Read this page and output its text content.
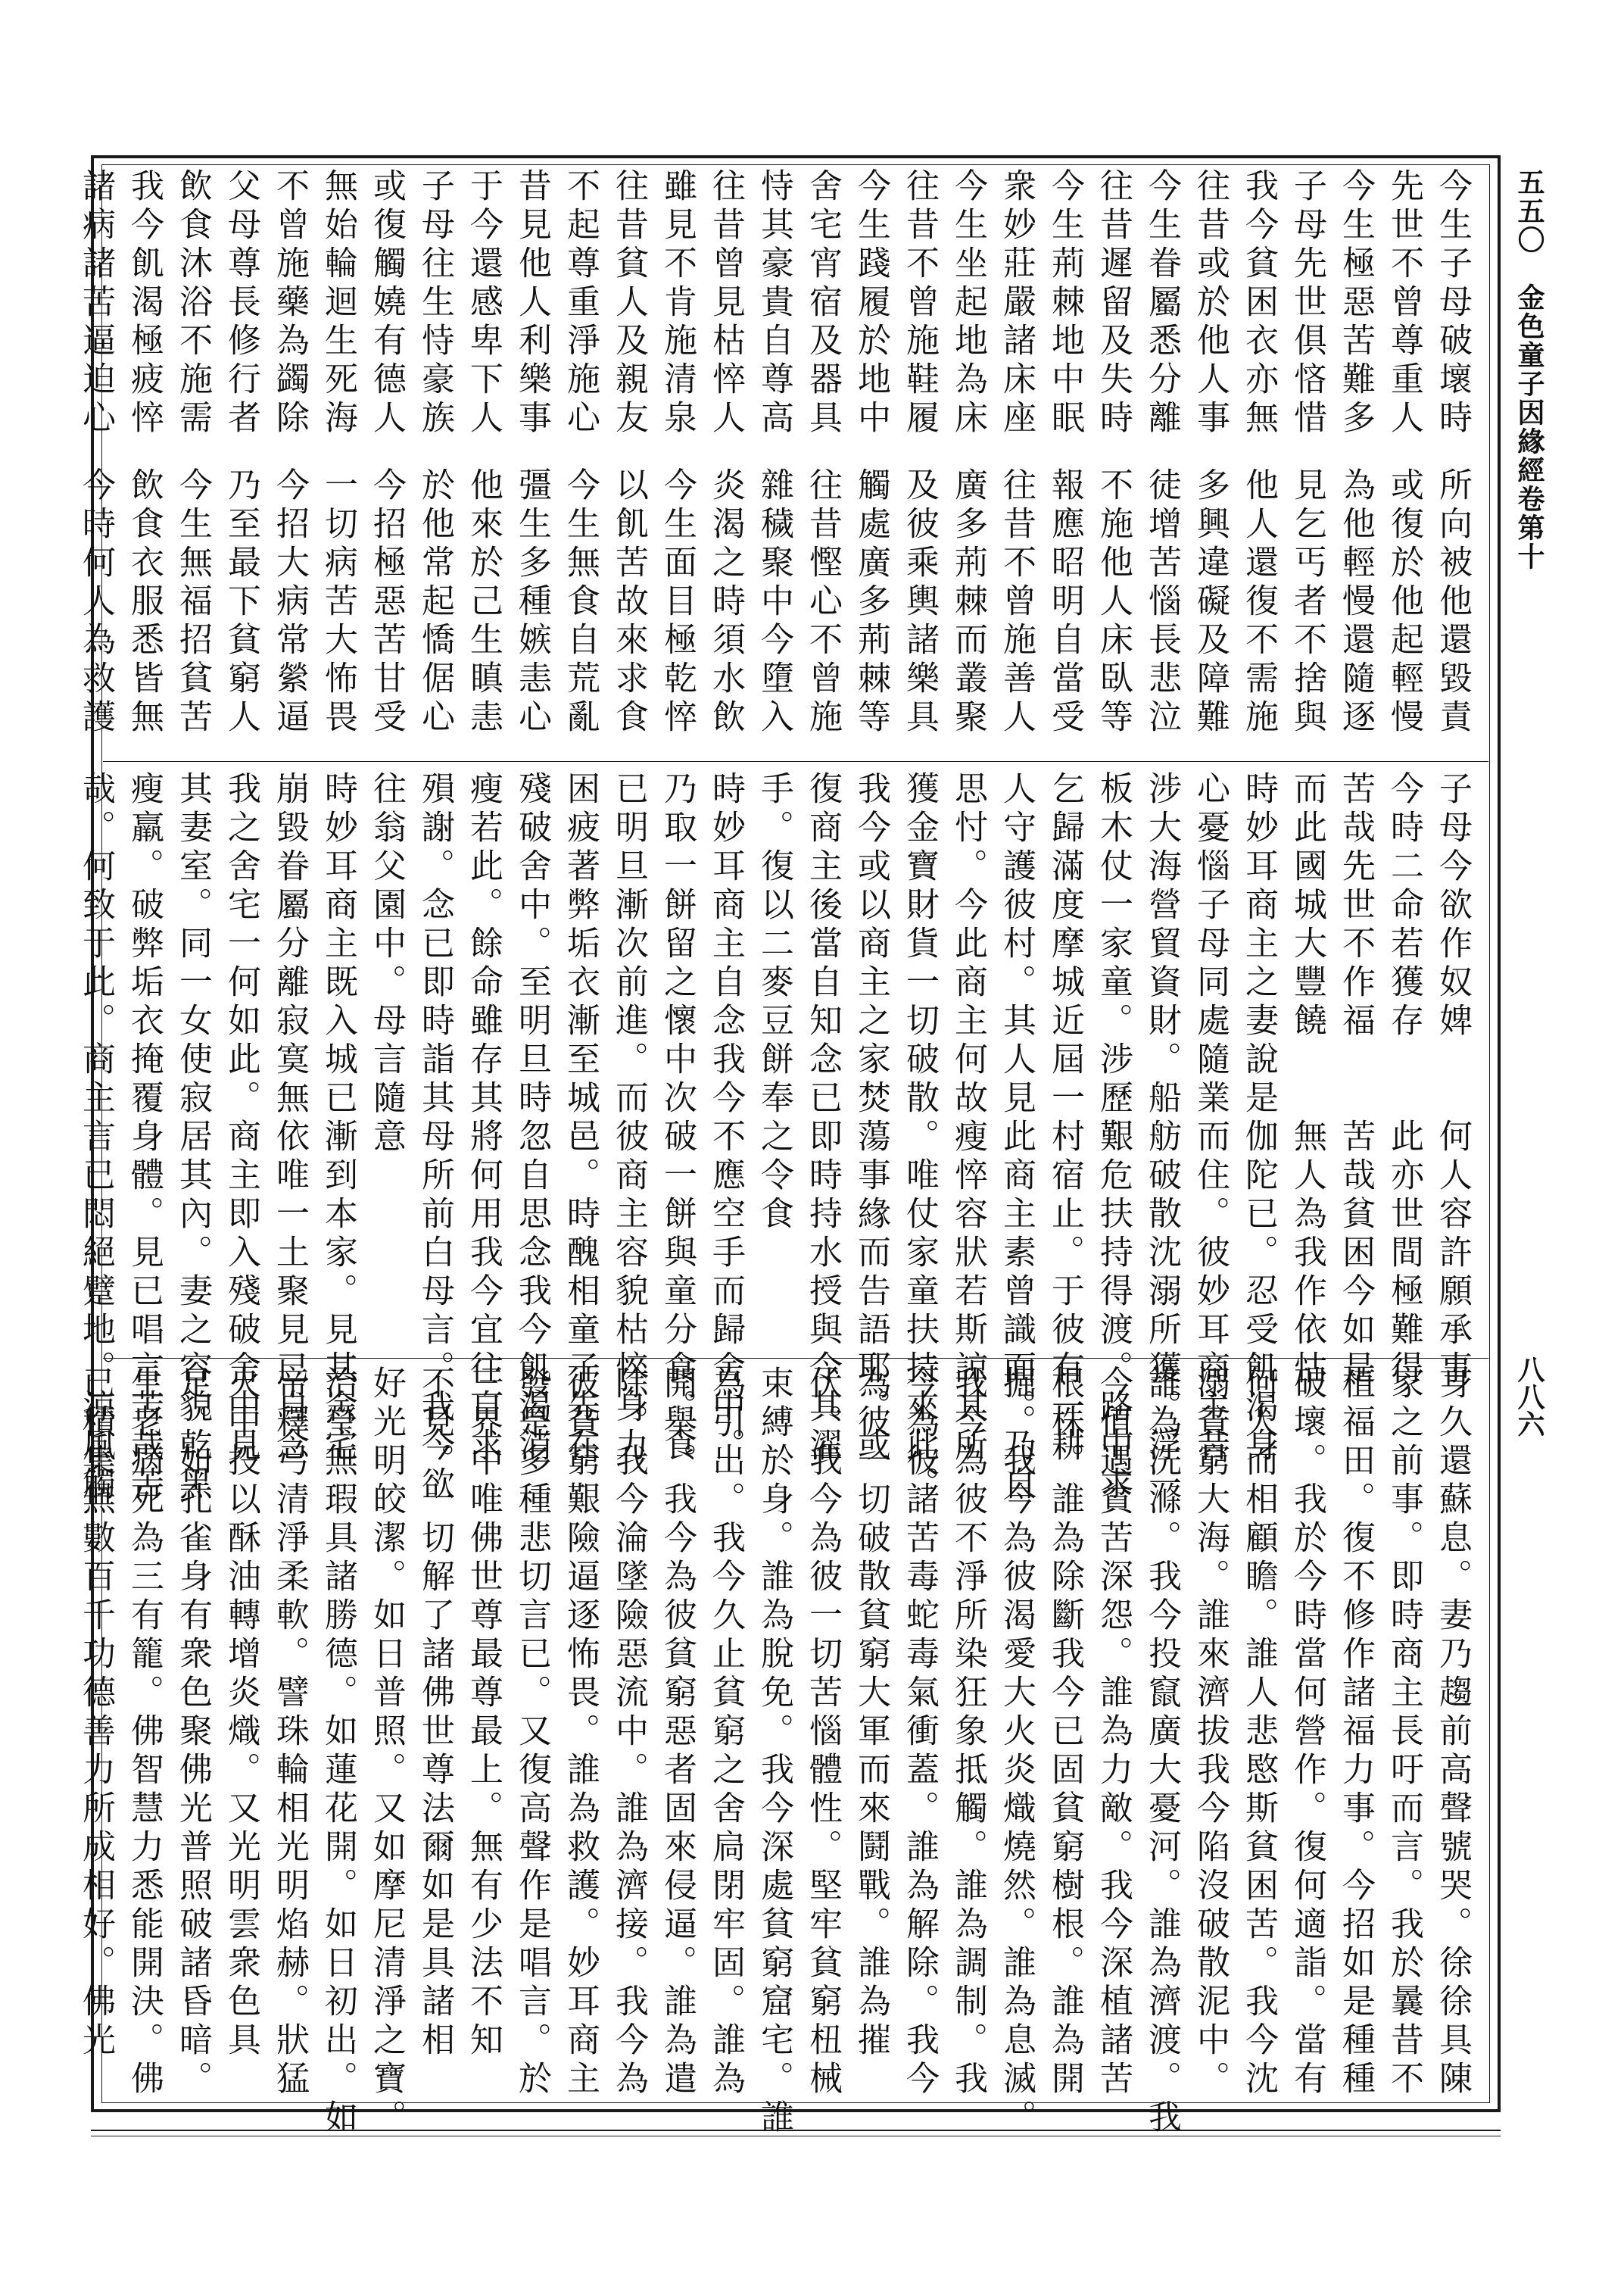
五五〇　金色童子因緣經卷第十
八八六
今生子母破壞時
先世不曾尊重人
今生極惡苦難多
子母先世俱悋惜
我今貧困衣亦無
往昔或於他人事
今生眷屬悉分離
往昔遲留及失時
今生荊棘地中眠
衆妙莊嚴諸床座
今生坐起地為床
往昔不曾施鞋履
今生踐履於地中
舍宅宵宿及器具
恃其豪貴自尊高
往昔曾見枯悴人
雖見不肯施清泉
往昔貧人及親友
不起尊重淨施心
昔見他人利樂事
于今還感卑下人
子母往生恃豪族
或復觸嬈有德人
無始輪迴生死海
不曾施藥為蠲除
父母尊長修行者
飲食沐浴不施需
我今飢渴極疲悴
諸病諸苦逼迫心
所向被他還毀責
或復於他起輕慢
為他輕慢還隨逐
見乞丐者不捨與
他人還復不需施
多興違礙及障難
徒增苦惱長悲泣
不施他人床臥等
報應昭明自當受
往昔不曾施善人
廣多荊棘而叢聚
及彼乘輿諸樂具
觸處廣多荊棘等
往昔慳心不曾施
雜穢聚中今墮入
炎渴之時須水飲
今生面目極乾悴
以飢苦故來求食
今生無食自荒亂
彊生多種嫉恚心
他來於己生瞋恚
於他常起憍倨心
今招極惡苦甘受
一切病苦大怖畏
今招大病常縈逼
乃至最下貧窮人
今生無福招貧苦
飲食衣服悉皆無
今時何人為救護
子母今欲作奴婢　　何人容許願承事
今時二命若獲存　　此亦世間極難得
苦哉先世不作福　　苦哉貧困今如是
而此國城大豐饒　　無人為我作依怙
時妙耳商主之妻說是伽陀已。忍受飢渴身
心憂惱子母同處隨業而住。彼妙耳商主昔
涉大海營貿資財。船舫破散沈溺所獲。浮一
板木仗一家童。涉歷艱危扶持得渡。路中求
乞歸滿度摩城近屆一村宿止。于彼有一耕
人守護彼村。其人見此商主素曾識面。乃自
思忖。今此商主何故瘦悴容狀若斯諒其所
獲金寶財貨一切破散。唯仗家童扶持來此。
我今或以商主之家焚蕩事緣而告語耶。或
復商主後當自知念已即時持水授與令其濯
手。復以二麥豆餅奉之令食
時妙耳商主自念我今不應空手而歸舍中。
乃取一餅留之懷中次破一餅與童分食。食
已明旦漸次前進。而彼商主容貌枯悴身力
困疲著弊垢衣漸至城邑。時醜相童子先在
殘破舍中。至明旦時忽自思念我今飢渴消
瘦若此。餘命雖存其將何用我今宜往自求
殞謝。念已即時詣其母所前白母言。我今欲
往翁父園中。母言隨意
時妙耳商主既入城已漸到本家。見其舍宅
崩毀眷屬分離寂寞無依唯一土聚見已自念
我之舍宅一何如此。商主即入殘破舍中見
其妻室。同一女使寂居其內。妻之容貌乾黑
瘦羸。破弊垢衣掩覆身體。見已唱言苦哉苦
哉。何致于此。商主言已悶絕躄地。涼風觸
身久還蘇息。妻乃趨前高聲號哭。徐徐具陳
家之前事。即時商主長吁而言。我於曩昔不
植福田。復不修作諸福力事。今招如是種種
破壞。我於今時當何營作。復何適詣。當有
何人而相顧瞻。誰人悲愍斯貧困苦。我今沈
溺貧窮大海。誰來濟拔我今陷沒破散泥中。
誰為洗滌。我今投竄廣大憂河。誰為濟渡。我
今值遇貧苦深怨。誰為力敵。我今深植諸苦
根株。誰為除斷我今已固貧窮樹根。誰為開
掘。我今為彼渴愛大火炎熾燒然。誰為息滅。
我今為彼不淨所染狂象抵觸。誰為調制。我
今為彼諸苦毒蛇毒氣衝蓋。誰為解除。我今
為彼一切破散貧窮大軍而來鬪戰。誰為摧
伏。我今為彼一切苦惱體性。堅牢貧窮杻械
束縛於身。誰為脫免。我今深處貧窮窟宅。誰
為引出。我今久止貧窮之舍扃閉牢固。誰為
開舉。我今為彼貧窮惡者固來侵逼。誰為遣
除。我今淪墜險惡流中。誰為濟接。我今為
彼貧窮艱險逼逐怖畏。誰為救護。妙耳商主
發是多種悲切言已。又復高聲作是唱言。於
三界中唯佛世尊最尊最上。無有少法不知
不見。一切解了諸佛世尊法爾如是具諸相
好光明皎潔。如日普照。又如摩尼清淨之寶。
治瑩無瑕具諸勝德。如蓮花開。如日初出。如
帝釋弓清淨柔軟。譬珠輪相光明焰赫。狀猛
火中投以酥油轉增炎熾。又光明雲衆色具
足。如孔雀身有衆色聚佛光普照破諸昏暗。
生老病死為三有籠。佛智慧力悉能開決。佛
已積集無數百千功德善力所成相好。佛光
